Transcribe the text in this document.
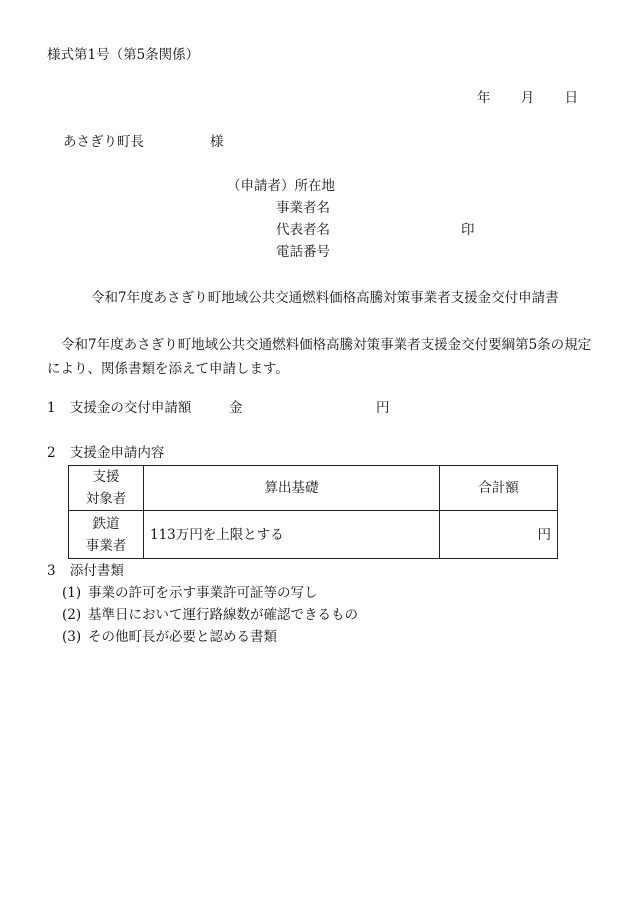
様式第1号（第5条関係）
年 月 日
あさぎり町長	様
（申請者）所在地
事業者名
代表者名	印
電話番号
令和7年度あさぎり町地域公共交通燃料価格高騰対策事業者支援金交付申請書
令和7年度あさぎり町地域公共交通燃料価格高騰対策事業者支援金交付要綱第5条の規定により、関係書類を添えて申請します。
1 支援金の交付申請額	金	円
2 支援金申請内容
支援
対象者	算出基礎	合計額

鉄道
事業者	113万円を上限とする	円
3 添付書類
(1) 事業の許可を示す事業許可証等の写し
(2) 基準日において運行路線数が確認できるもの
(3) その他町長が必要と認める書類
